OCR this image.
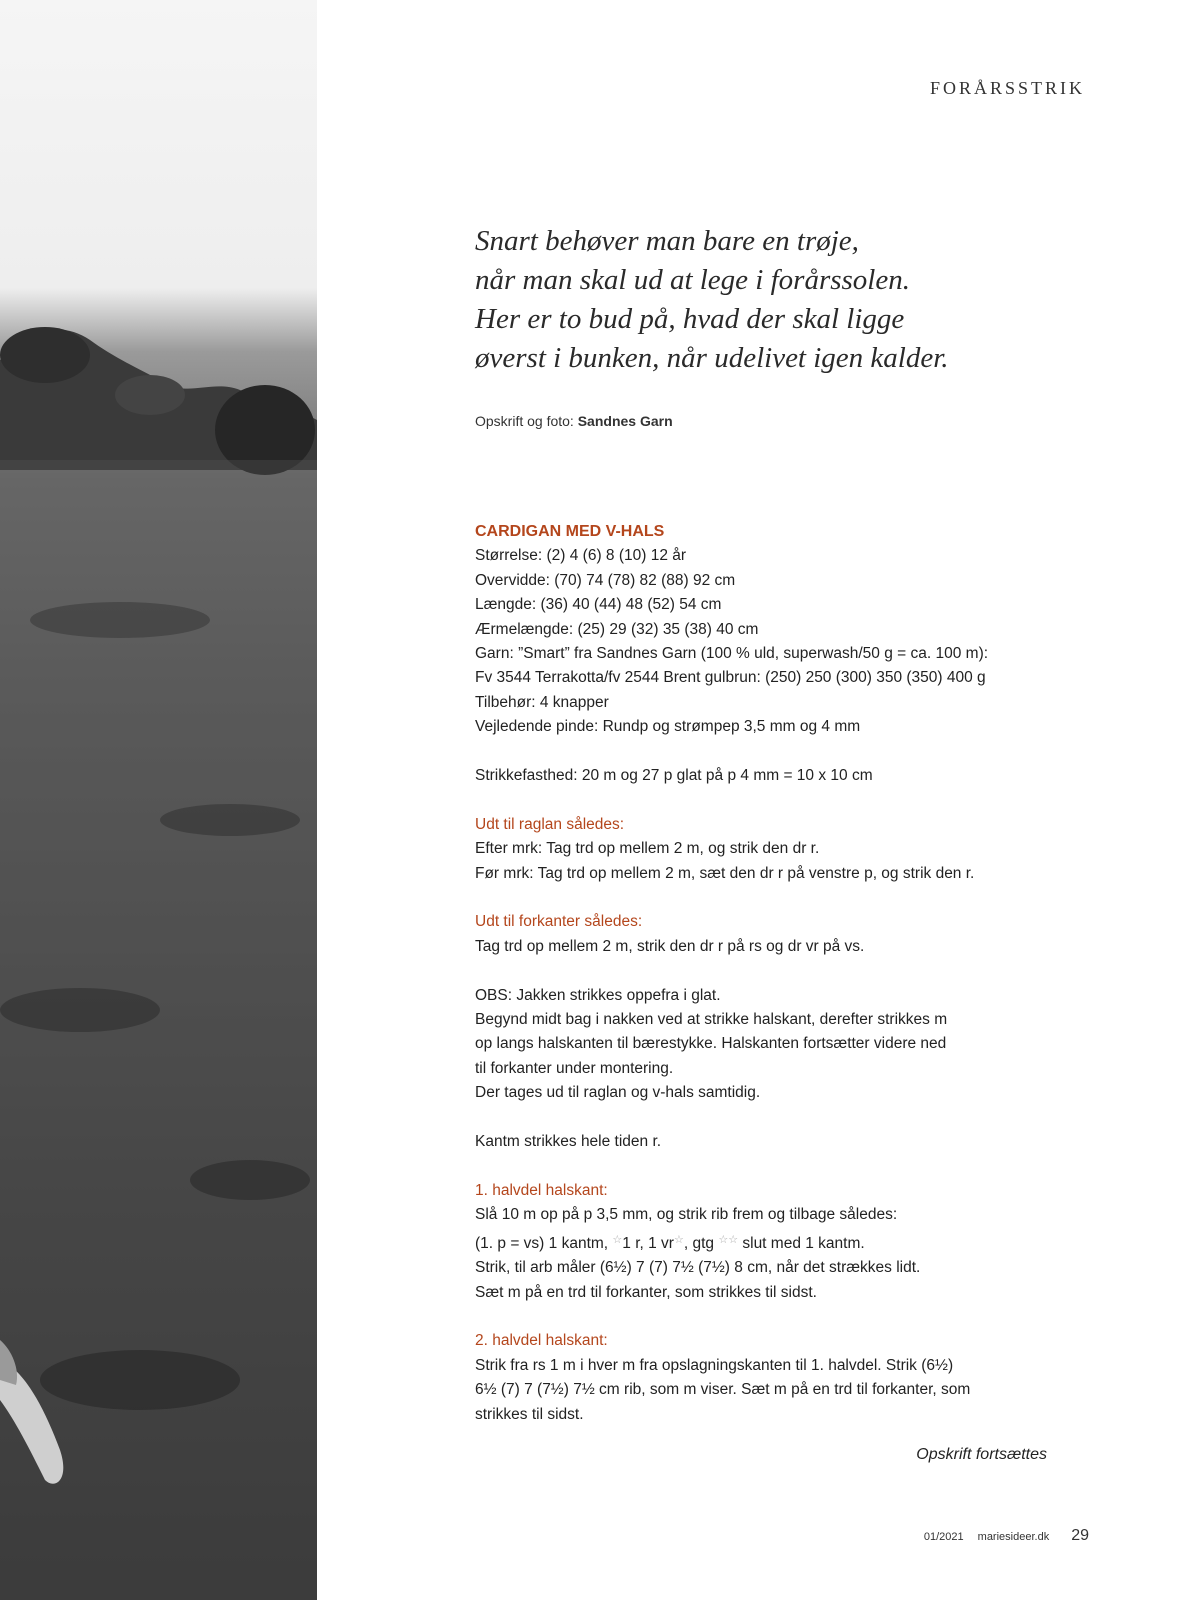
FORÅRSSTRIK
Snart behøver man bare en trøje,
når man skal ud at lege i forårssolen.
Her er to bud på, hvad der skal ligge
øverst i bunken, når udelivet igen kalder.
Opskrift og foto: Sandnes Garn
CARDIGAN MED V-HALS
Størrelse: (2) 4 (6) 8 (10) 12 år
Overvidde: (70) 74 (78) 82 (88) 92 cm
Længde: (36) 40 (44) 48 (52) 54 cm
Ærmelængde: (25) 29 (32) 35 (38) 40 cm
Garn: ”Smart” fra Sandnes Garn (100 % uld, superwash/50 g = ca. 100 m):
Fv 3544 Terrakotta/fv 2544 Brent gulbrun: (250) 250 (300) 350 (350) 400 g
Tilbehør: 4 knapper
Vejledende pinde: Rundp og strømpep 3,5 mm og 4 mm
Strikkefasthed: 20 m og 27 p glat på p 4 mm = 10 x 10 cm
Udt til raglan således:
Efter mrk: Tag trd op mellem 2 m, og strik den dr r.
Før mrk: Tag trd op mellem 2 m, sæt den dr r på venstre p, og strik den r.
Udt til forkanter således:
Tag trd op mellem 2 m, strik den dr r på rs og dr vr på vs.
OBS: Jakken strikkes oppefra i glat.
Begynd midt bag i nakken ved at strikke halskant, derefter strikkes m
op langs halskanten til bærestykke. Halskanten fortsætter videre ned
til forkanter under montering.
Der tages ud til raglan og v-hals samtidig.
Kantm strikkes hele tiden r.
1. halvdel halskant:
Slå 10 m op på p 3,5 mm, og strik rib frem og tilbage således:
(1. p = vs) 1 kantm, ☆1 r, 1 vr☆, gtg ☆☆ slut med 1 kantm.
Strik, til arb måler (6½) 7 (7) 7½ (7½) 8 cm, når det strækkes lidt.
Sæt m på en trd til forkanter, som strikkes til sidst.
2. halvdel halskant:
Strik fra rs 1 m i hver m fra opslagningskanten til 1. halvdel. Strik (6½)
6½ (7) 7 (7½) 7½ cm rib, som m viser. Sæt m på en trd til forkanter, som
strikkes til sidst.
Opskrift fortsættes
01/2021 mariesideer.dk 29
